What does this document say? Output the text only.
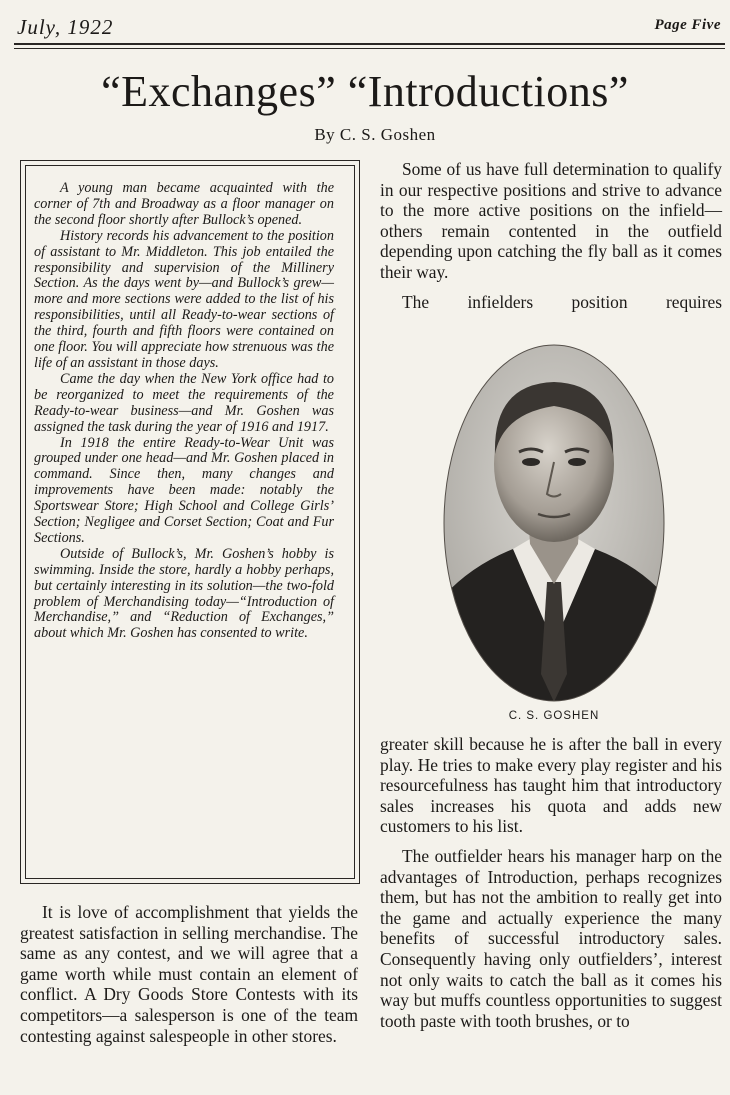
July, 1922	Page Five
“Exchanges” “Introductions”
By C. S. Goshen

A young man became acquainted with the corner of 7th and Broadway as a floor manager on the second floor shortly after Bullock’s opened.

History records his advancement to the position of assistant to Mr. Middleton. This job entailed the responsibility and supervision of the Millinery Section. As the days went by—and Bullock’s grew—more and more sections were added to the list of his responsibilities, until all Ready-to-wear sections of the third, fourth and fifth floors were contained on one floor. You will appreciate how strenuous was the life of an assistant in those days.

Came the day when the New York office had to be reorganized to meet the requirements of the Ready-to-wear business—and Mr. Goshen was assigned the task during the year of 1916 and 1917.

In 1918 the entire Ready-to-Wear Unit was grouped under one head—and Mr. Goshen placed in command. Since then, many changes and improvements have been made: notably the Sportswear Store; High School and College Girls’ Section; Negligee and Corset Section; Coat and Fur Sections.

Outside of Bullock’s, Mr. Goshen’s hobby is swimming. Inside the store, hardly a hobby perhaps, but certainly interesting in its solution—the two-fold problem of Merchandising today—“Introduction of Merchandise,” and “Reduction of Exchanges,” about which Mr. Goshen has consented to write.

It is love of accomplishment that yields the greatest satisfaction in selling merchandise. The same as any contest, and we will agree that a game worth while must contain an element of conflict. A Dry Goods Store Contests with its competitors—a salesperson is one of the team contesting against salespeople in other stores.

Some of us have full determination to qualify in our respective positions and strive to advance to the more active positions on the infield—others remain contented in the outfield depending upon catching the fly ball as it comes their way.

The infielders position requires

C. S. GOSHEN

greater skill because he is after the ball in every play. He tries to make every play register and his resourcefulness has taught him that introductory sales increases his quota and adds new customers to his list.

The outfielder hears his manager harp on the advantages of Introduction, perhaps recognizes them, but has not the ambition to really get into the game and actually experience the many benefits of successful introductory sales. Consequently having only outfielders’, interest not only waits to catch the ball as it comes his way but muffs countless opportunities to suggest tooth paste with tooth brushes, or to
